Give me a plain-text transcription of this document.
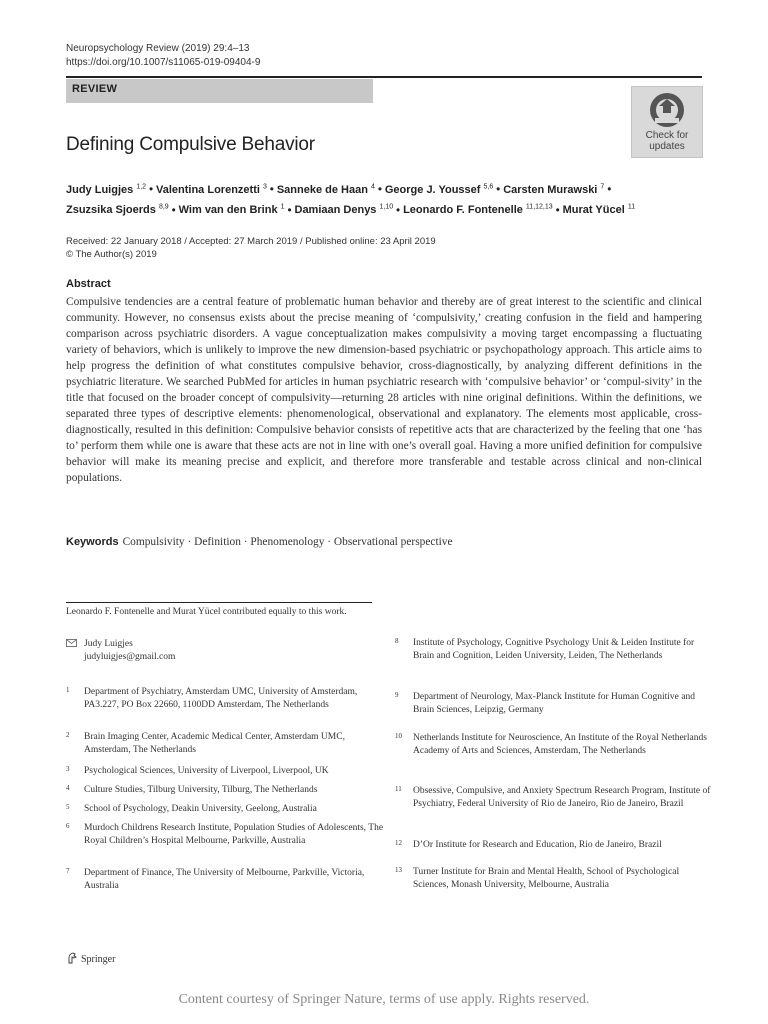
Neuropsychology Review (2019) 29:4–13
https://doi.org/10.1007/s11065-019-09404-9
REVIEW
Check for
updates
Defining Compulsive Behavior
Judy Luigjes $^{1,2}$ • Valentina Lorenzetti $^3$ • Sanneke de Haan $^4$ • George J. Youssef $^{5,6}$ • Carsten Murawski $^7$ •
Zsuzsika Sjoerds $^{8,9}$ • Wim van den Brink $^1$ • Damiaan Denys $^{1,10}$ • Leonardo F. Fontenelle $^{11,12,13}$ • Murat Yücel $^{11}$
Received: 22 January 2018 / Accepted: 27 March 2019 / Published online: 23 April 2019
© The Author(s) 2019
Abstract
Compulsive tendencies are a central feature of problematic human behavior and thereby are of great interest to the scientific and clinical community. However, no consensus exists about the precise meaning of ‘compulsivity,’ creating confusion in the field and hampering comparison across psychiatric disorders. A vague conceptualization makes compulsivity a moving target encompassing a fluctuating variety of behaviors, which is unlikely to improve the new dimension-based psychiatric or psychopathology approach. This article aims to help progress the definition of what constitutes compulsive behavior, cross-diagnostically, by analyzing different definitions in the psychiatric literature. We searched PubMed for articles in human psychiatric research with ‘compulsive behavior’ or ‘compul-sivity’ in the title that focused on the broader concept of compulsivity—returning 28 articles with nine original definitions. Within the definitions, we separated three types of descriptive elements: phenomenological, observational and explanatory. The elements most applicable, cross-diagnostically, resulted in this definition: Compulsive behavior consists of repetitive acts that are characterized by the feeling that one ‘has to’ perform them while one is aware that these acts are not in line with one’s overall goal. Having a more unified definition for compulsive behavior will make its meaning precise and explicit, and therefore more transferable and testable across clinical and non-clinical populations.
Keywords Compulsivity · Definition · Phenomenology · Observational perspective
Leonardo F. Fontenelle and Murat Yücel contributed equally to this work.
Judy Luigjes
judyluigjes@gmail.com
1 Department of Psychiatry, Amsterdam UMC, University of Amsterdam, PA3.227, PO Box 22660, 1100DD Amsterdam, The Netherlands
2 Brain Imaging Center, Academic Medical Center, Amsterdam UMC, Amsterdam, The Netherlands
3 Psychological Sciences, University of Liverpool, Liverpool, UK
4 Culture Studies, Tilburg University, Tilburg, The Netherlands
5 School of Psychology, Deakin University, Geelong, Australia
6 Murdoch Childrens Research Institute, Population Studies of Adolescents, The Royal Children’s Hospital Melbourne, Parkville, Australia
7 Department of Finance, The University of Melbourne, Parkville, Victoria, Australia
8 Institute of Psychology, Cognitive Psychology Unit & Leiden Institute for Brain and Cognition, Leiden University, Leiden, The Netherlands
9 Department of Neurology, Max-Planck Institute for Human Cognitive and Brain Sciences, Leipzig, Germany
10 Netherlands Institute for Neuroscience, An Institute of the Royal Netherlands Academy of Arts and Sciences, Amsterdam, The Netherlands
11 Obsessive, Compulsive, and Anxiety Spectrum Research Program, Institute of Psychiatry, Federal University of Rio de Janeiro, Rio de Janeiro, Brazil
12 D’Or Institute for Research and Education, Rio de Janeiro, Brazil
13 Turner Institute for Brain and Mental Health, School of Psychological Sciences, Monash University, Melbourne, Australia
Springer
Content courtesy of Springer Nature, terms of use apply. Rights reserved.
